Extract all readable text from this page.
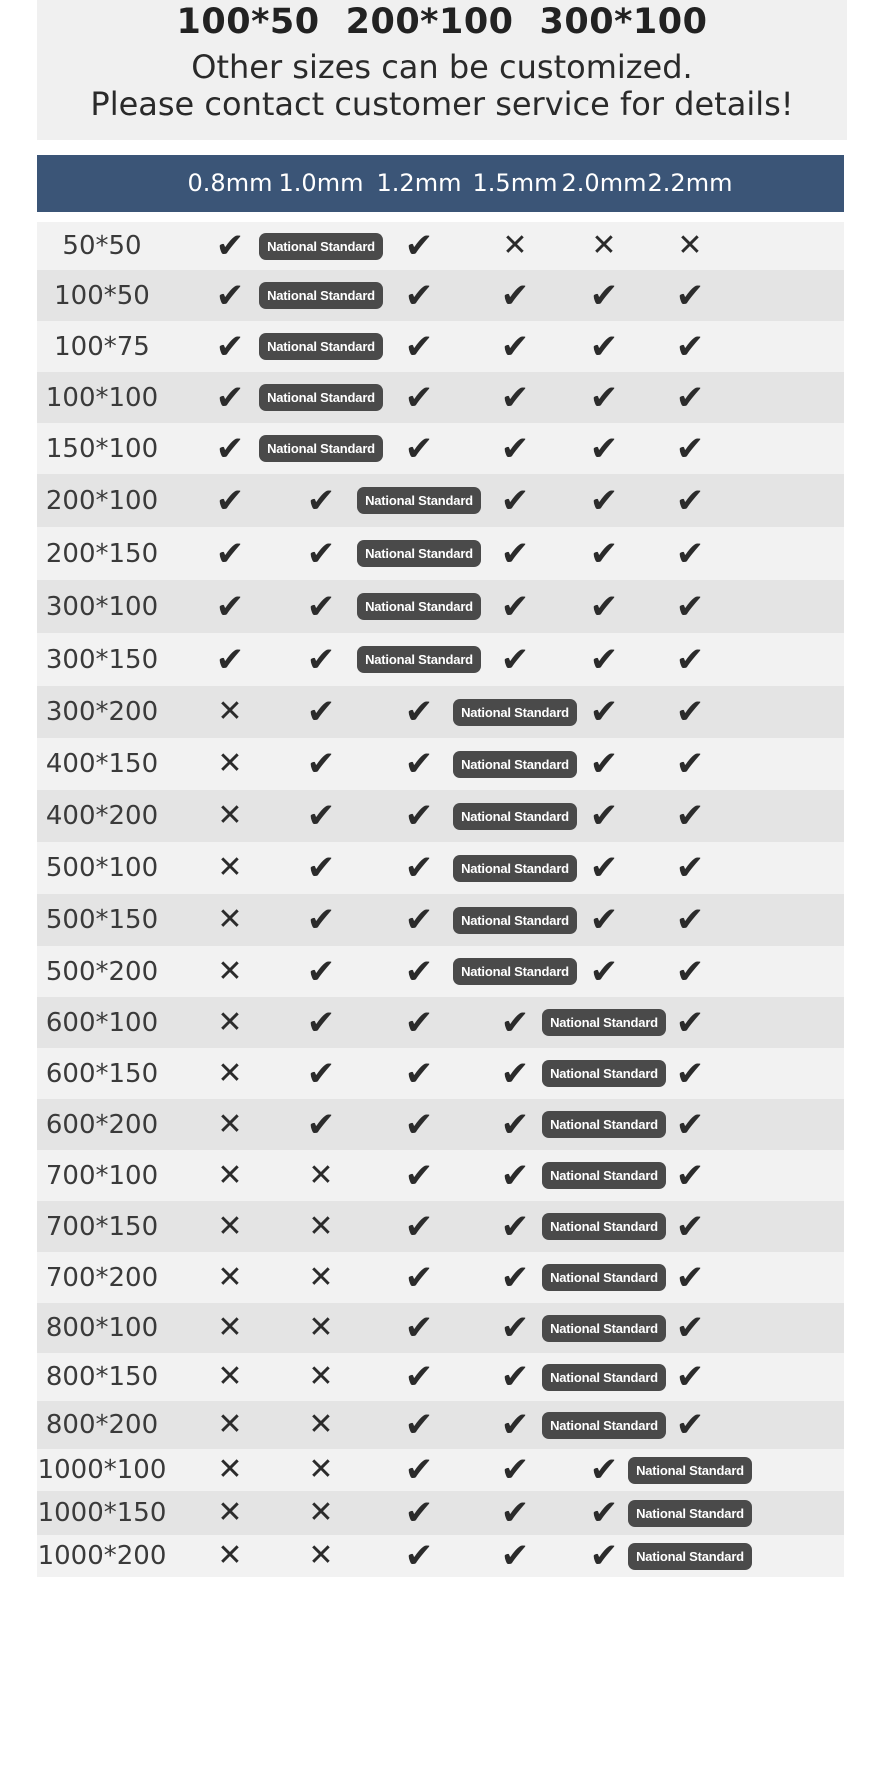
100*50 200*100 300*100
Other sizes can be customized.
Please contact customer service for details!
0.8mm 1.0mm 1.2mm 1.5mm 2.0mm 2.2mm
50*50	✔	National Standard ✔ ✕ ✕ ✕
100*50	✔	National Standard ✔ ✔ ✔ ✔
100*75	✔	National Standard ✔ ✔ ✔ ✔
100*100 ✔	National Standard ✔ ✔ ✔ ✔
150*100 ✔	National Standard ✔ ✔ ✔ ✔
200*100 ✔ ✔	National Standard ✔ ✔ ✔
200*150 ✔ ✔	National Standard ✔ ✔ ✔
300*100 ✔ ✔	National Standard ✔ ✔ ✔
300*150 ✔ ✔	National Standard ✔ ✔ ✔
300*200 ✕ ✔ ✔	National Standard ✔ ✔
400*150 ✕ ✔ ✔	National Standard ✔ ✔
400*200 ✕ ✔ ✔	National Standard ✔ ✔
500*100 ✕ ✔ ✔	National Standard ✔ ✔
500*150 ✕ ✔ ✔	National Standard ✔ ✔
500*200 ✕ ✔ ✔	National Standard ✔ ✔
600*100 ✕ ✔ ✔ ✔	National Standard ✔
600*150 ✕ ✔ ✔ ✔	National Standard ✔
600*200 ✕ ✔ ✔ ✔	National Standard ✔
700*100 ✕ ✕ ✔ ✔	National Standard ✔
700*150 ✕ ✕ ✔ ✔	National Standard ✔
700*200 ✕ ✕ ✔ ✔	National Standard ✔
800*100 ✕ ✕ ✔ ✔	National Standard ✔
800*150 ✕ ✕ ✔ ✔	National Standard ✔
800*200 ✕ ✕ ✔ ✔	National Standard ✔
1000*100 ✕ ✕ ✔ ✔ ✔	National Standard
1000*150 ✕ ✕ ✔ ✔ ✔	National Standard
1000*200 ✕ ✕ ✔ ✔ ✔	National Standard
